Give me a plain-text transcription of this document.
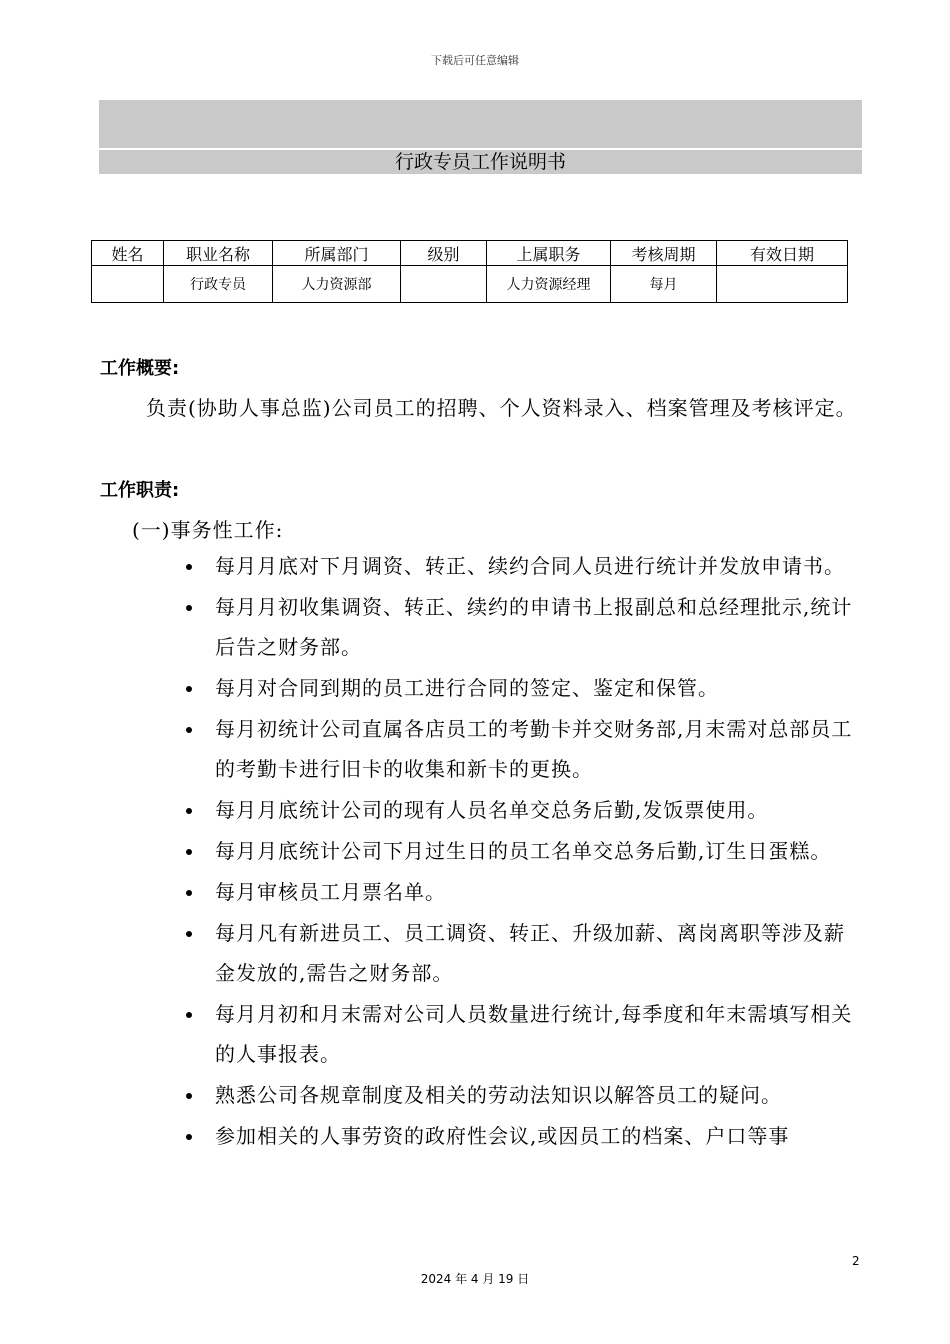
下载后可任意编辑
行政专员工作说明书
姓名	职业名称	所属部门	级别	上属职务	考核周期	有效日期
	行政专员	人力资源部		人力资源经理	每月	
工作概要:
负责(协助人事总监)公司员工的招聘、个人资料录入、档案管理及考核评定。
工作职责:
(一)事务性工作:
每月月底对下月调资、转正、续约合同人员进行统计并发放申请书。
每月月初收集调资、转正、续约的申请书上报副总和总经理批示,统计后告之财务部。
每月对合同到期的员工进行合同的签定、鉴定和保管。
每月初统计公司直属各店员工的考勤卡并交财务部,月末需对总部员工的考勤卡进行旧卡的收集和新卡的更换。
每月月底统计公司的现有人员名单交总务后勤,发饭票使用。
每月月底统计公司下月过生日的员工名单交总务后勤,订生日蛋糕。
每月审核员工月票名单。
每月凡有新进员工、员工调资、转正、升级加薪、离岗离职等涉及薪金发放的,需告之财务部。
每月月初和月末需对公司人员数量进行统计,每季度和年末需填写相关的人事报表。
熟悉公司各规章制度及相关的劳动法知识以解答员工的疑问。
参加相关的人事劳资的政府性会议,或因员工的档案、户口等事
2
2024 年 4 月 19 日
